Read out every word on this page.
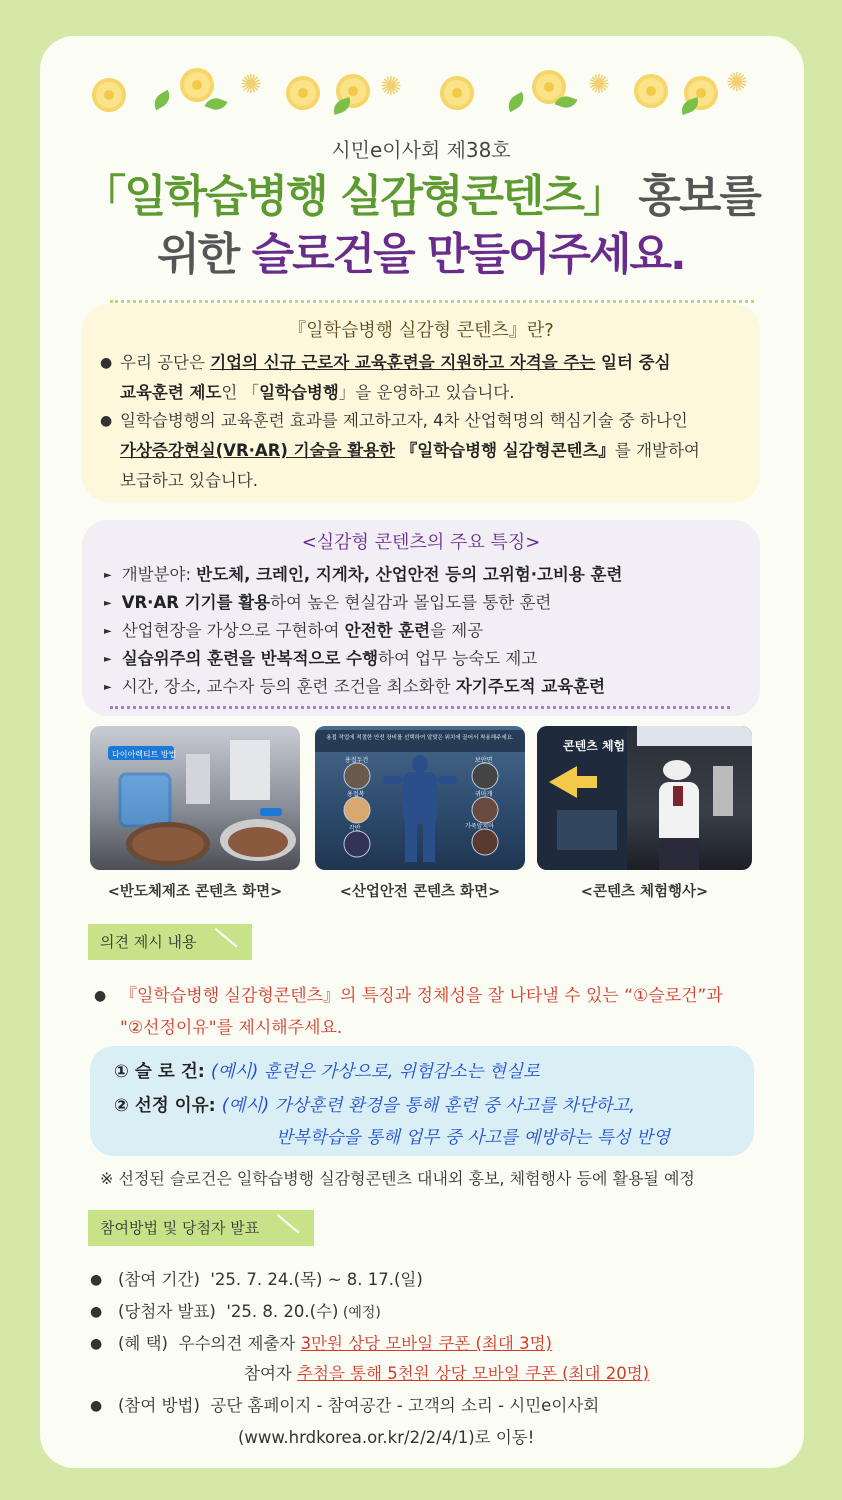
✺	✺	✺	✺
시민e이사회 제38호
「일학습병행 실감형콘텐츠」 홍보를
위한 슬로건을 만들어주세요.
『일학습병행 실감형 콘텐츠』란?
● 우리 공단은 기업의 신규 근로자 교육훈련을 지원하고 자격을 주는 일터 중심
교육훈련 제도인 「일학습병행」을 운영하고 있습니다.
● 일학습병행의 교육훈련 효과를 제고하고자, 4차 산업혁명의 핵심기술 중 하나인
가상증강현실(VR·AR) 기술을 활용한 『일학습병행 실감형콘텐츠』를 개발하여
보급하고 있습니다.
<실감형 콘텐츠의 주요 특징>
► 개발분야: 반도체, 크레인, 지게차, 산업안전 등의 고위험·고비용 훈련
► VR·AR 기기를 활용하여 높은 현실감과 몰입도를 통한 훈련
► 산업현장을 가상으로 구현하여 안전한 훈련을 제공
► 실습위주의 훈련을 반복적으로 수행하여 업무 능숙도 제고
► 시간, 장소, 교수자 등의 훈련 조건을 최소화한 자기주도적 교육훈련
다이아렉티트 방법
용접 작업에 적절한 안전 장비를 선택하여 알맞은 위치에 끌어서 착용해주세요.
용접두건	보안면
용접복	귀마개
가죽앞치마
각반
콘텐츠 체험
<반도체제조 콘텐츠 화면>	<산업안전 콘텐츠 화면>	<콘텐츠 체험행사>
의견 제시 내용
● 『일학습병행 실감형콘텐츠』의 특징과 정체성을 잘 나타낼 수 있는 “①슬로건”과
"②선정이유"를 제시해주세요.
① 슬 로 건: (예시) 훈련은 가상으로, 위험감소는 현실로
② 선정 이유: (예시) 가상훈련 환경을 통해 훈련 중 사고를 차단하고,
반복학습을 통해 업무 중 사고를 예방하는 특성 반영
※ 선정된 슬로건은 일학습병행 실감형콘텐츠 대내외 홍보, 체험행사 등에 활용될 예정
참여방법 및 당첨자 발표
● (참여 기간) '25. 7. 24.(목) ~ 8. 17.(일)
● (당첨자 발표) '25. 8. 20.(수) (예정)
● (혜 택) 우수의견 제출자 3만원 상당 모바일 쿠폰 (최대 3명)
참여자 추첨을 통해 5천원 상당 모바일 쿠폰 (최대 20명)
● (참여 방법) 공단 홈페이지 - 참여공간 - 고객의 소리 - 시민e이사회
(www.hrdkorea.or.kr/2/2/4/1)로 이동!
